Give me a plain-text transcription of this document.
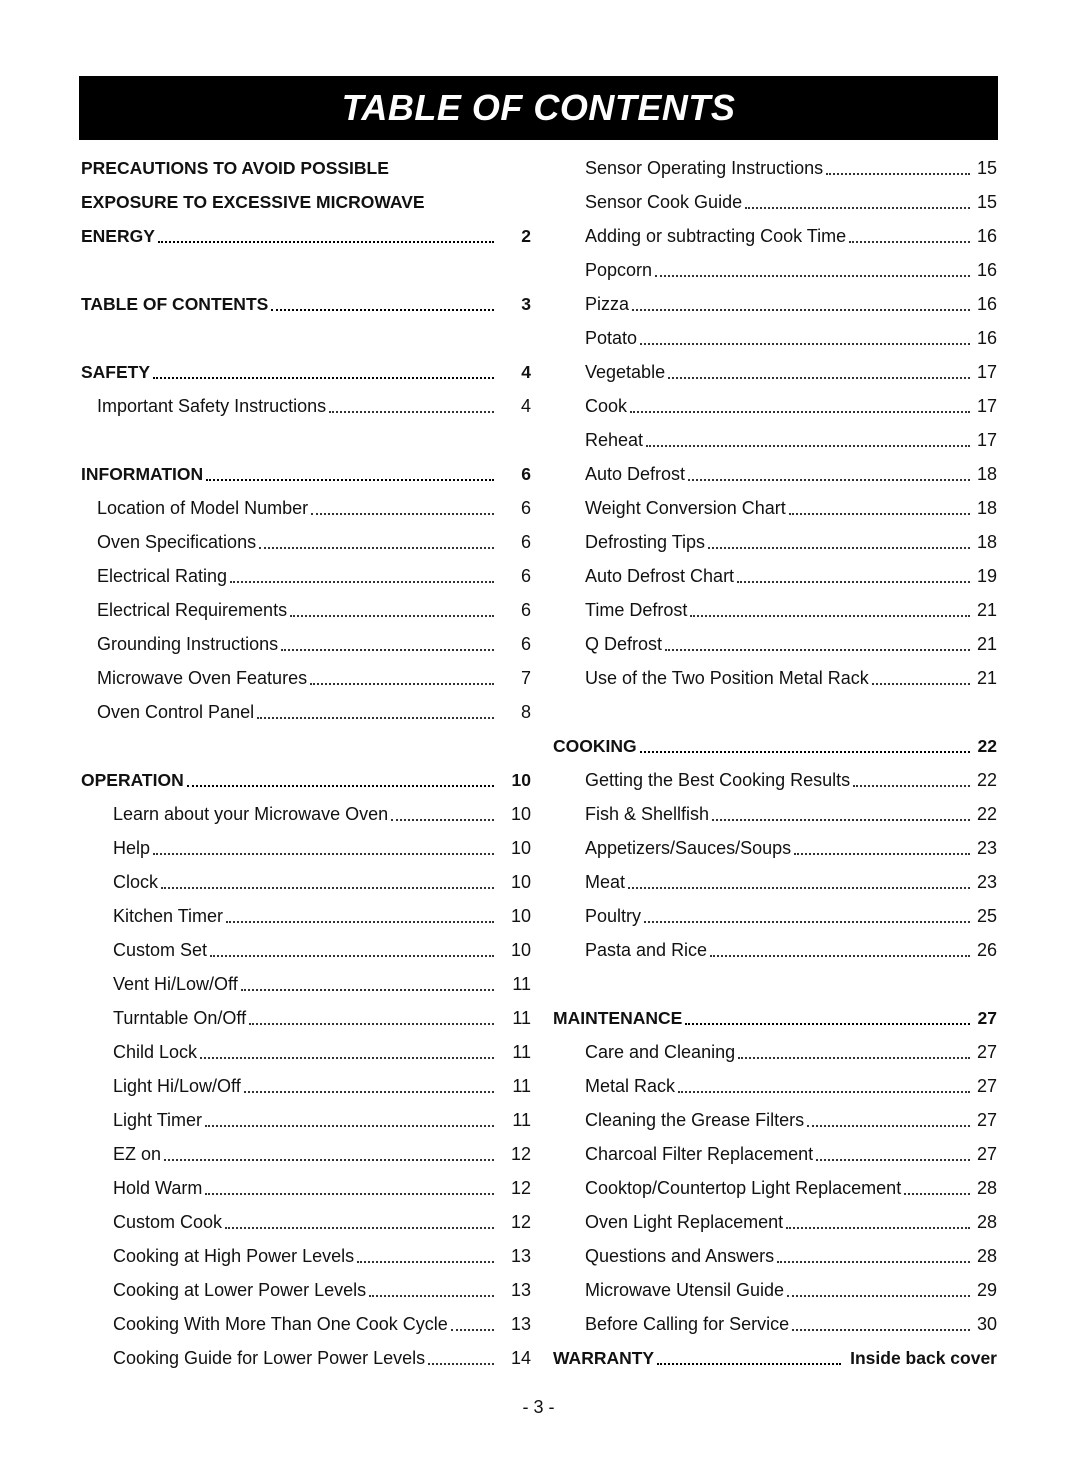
TABLE OF CONTENTS
PRECAUTIONS TO AVOID POSSIBLE
EXPOSURE TO EXCESSIVE MICROWAVE
ENERGY	2
TABLE OF CONTENTS	3
SAFETY	4
Important Safety Instructions	4
INFORMATION	6
Location of Model Number	6
Oven Specifications	6
Electrical Rating	6
Electrical Requirements	6
Grounding Instructions	6
Microwave Oven Features	7
Oven Control Panel	8
OPERATION	10
Learn about your Microwave Oven	10
Help	10
Clock	10
Kitchen Timer	10
Custom Set	10
Vent Hi/Low/Off	11
Turntable On/Off	11
Child Lock	11
Light Hi/Low/Off	11
Light Timer	11
EZ on	12
Hold Warm	12
Custom Cook	12
Cooking at High Power Levels	13
Cooking at Lower Power Levels	13
Cooking With More Than One Cook Cycle	13
Cooking Guide for Lower Power Levels	14
Sensor Operating Instructions	15
Sensor Cook Guide	15
Adding or subtracting Cook Time	16
Popcorn	16
Pizza	16
Potato	16
Vegetable	17
Cook	17
Reheat	17
Auto Defrost	18
Weight Conversion Chart	18
Defrosting Tips	18
Auto Defrost Chart	19
Time Defrost	21
Q Defrost	21
Use of the Two Position Metal Rack	21
COOKING	22
Getting the Best Cooking Results	22
Fish & Shellfish	22
Appetizers/Sauces/Soups	23
Meat	23
Poultry	25
Pasta and Rice	26
MAINTENANCE	27
Care and Cleaning	27
Metal Rack	27
Cleaning the Grease Filters	27
Charcoal Filter Replacement	27
Cooktop/Countertop Light Replacement	28
Oven Light Replacement	28
Questions and Answers	28
Microwave Utensil Guide	29
Before Calling for Service	30
WARRANTY	Inside back cover
- 3 -
